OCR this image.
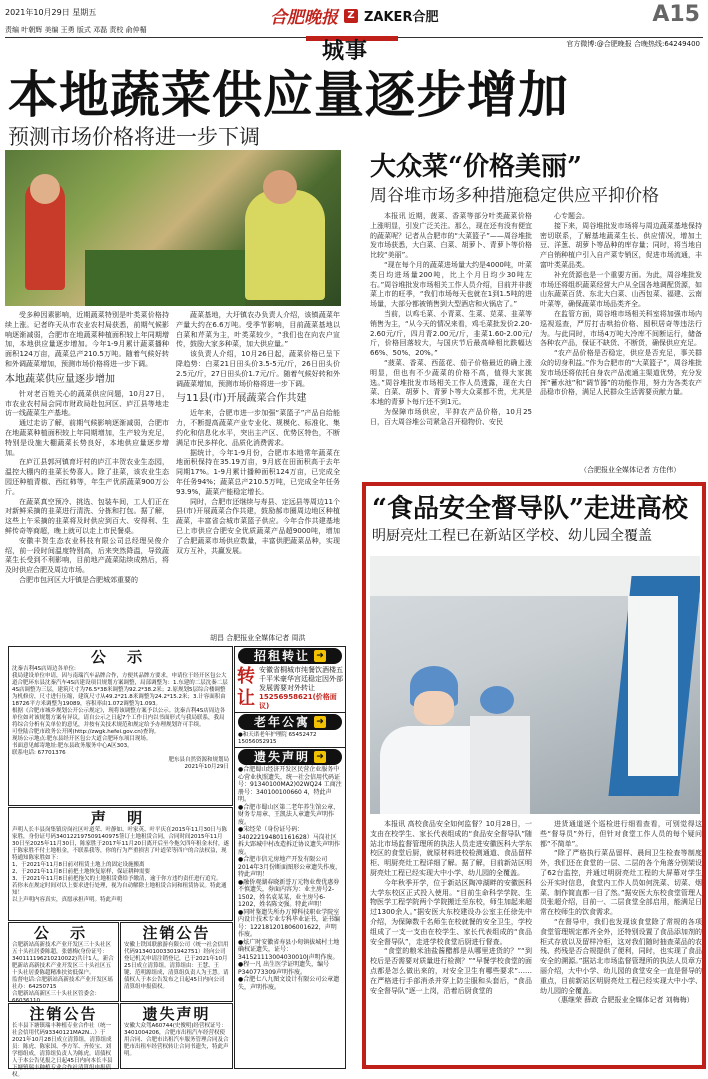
2021年10月29日 星期五
责编 叶朝辉 美编 王勇 版式 邓磊 责校 俞仲楣
合肥晚报 Z ZAKER合肥
城事
A15
官方微博:@合肥晚报 合晚热线:64249400
本地蔬菜供应量逐步增加
预测市场价格将进一步下调

受多种因素影响，近期蔬菜特别是叶类菜价格持续上涨。记者昨天从市农业农村局获悉，前期气候影响逐渐减弱，合肥市在地蔬菜种植面积较上年同期增加，本地供应量逐步增加。今年1-9月累计蔬菜播种面积124万亩，蔬菜总产210.5万吨。随着气候好转和外调蔬菜增加，预测市场价格将进一步下调。

本地蔬菜供应量逐步增加

针对老百姓关心的蔬菜供应问题，10月27日，市农业农村局会同市财政局赴包河区、庐江县等地走访一线蔬菜生产基地。

通过走访了解，前期气候影响逐渐减弱，合肥市在地蔬菜种植面积较上年同期增加，生产较为充足，特别是设施大棚蔬菜长势良好，本地供应量逐步增加。

在庐江县郭河镇育圩村的庐江丰贺农业生态园，温控大棚内的韭菜长势喜人。除了韭菜，该农业生态园还种植青椒、西红柿等，年生产优质蔬菜900万公斤。

在蔬菜真空预冷、挑选、包装车间，工人们正在对新鲜采摘的韭菜进行清洗、分拣和打包。据了解，这些上午采摘的韭菜将及时供应到百大、安得利、生鲜传奇等商超，晚上就可以走上市民餐桌。

安徽丰贺生态农业科技有限公司总经理吴俊介绍，前一段时间温度特别高，后来突然降温，导致蔬菜生长受到不利影响，目前地产蔬菜陆续成熟后，将及时供应合肥及周边市场。

合肥市包河区大圩镇是合肥城郊重要的

蔬菜基地，大圩镇农办负责人介绍，该镇蔬菜年产量大约在6.6万吨。受季节影响，目前蔬菜基地以白菜和芹菜为主，叶类菜较少，“我们也在向农户宣传，鼓励大家多种菜，加大供应量。”

该负责人介绍，10月26日起，蔬菜价格已呈下降趋势：白菜21日田头价3.5-5元/斤，26日田头价2.5元/斤，27日田头价1.7元/斤。随着气候好转和外调蔬菜增加，预测市场价格将进一步下调。

与11县(市)开展蔬菜合作共建

近年来，合肥市进一步加强“菜篮子”产品自给能力，不断提高蔬菜产业专业化、规模化、标准化、集约化和信息化水平，突出主产区、优势区特色，不断满足市民多样化、品质化消费需求。

据统计，今年1-9月份，合肥市本地常年蔬菜在地面积保持在35.19万亩，9月底在田面积高于去年同期17%。1-9月累计播种面积124万亩，已完成全年任务94%；蔬菜总产210.5万吨，已完成全年任务93.9%，蔬菜产能稳定增长。

同时，合肥市还继续与寿县、定远县等周边11个县(市)开展蔬菜合作共建，鼓励郝市圈周边地区种植蔬菜，丰富省会城市菜篮子供应。今年合作共建基地已上市供应合肥安全优质蔬菜产品超9000吨，增加了合肥蔬菜市场供应数量，丰富供肥蔬菜品种，实现双方互补，共赢发展。

胡昌 合肥报业全媒体记者 周洪
大众菜“价格美丽”
周谷堆市场多种措施稳定供应平抑价格

本报讯 近期，菠菜、香菜等部分叶类蔬菜价格上涨明显，引发广泛关注。那么，现在还有没有便宜的蔬菜呢？记者从合肥市的“大菜篮子”——周谷堆批发市场获悉，大白菜、白菜、胡萝卜、青萝卜等价格比较“美丽”。

“现在每个月的蔬菜进场量大约是4000吨，叶菜类日均进场量200吨，比上个月日均少30吨左右。”周谷堆批发市场相关工作人员介绍，目前并非菠菜上市的旺季，“我们市场每天也就在1到1.5吨的进场量，大部分都被销售到大型酒店和火锅店了。”

当前，以鸡毛菜、小青菜、生菜、苋菜、韭菜等销售为主，“从今天的情况来看，鸡毛菜批发价2.20-2.60元/斤，四月青2.00元/斤，韭菜1.60-2.00元/斤，价格回落较大，与国庆节后最高峰相比跌幅达66%、50%、20%。”

“菠菜、香菜、西蓝花、茄子价格最近的确上涨明显，但也有不少蔬菜的价格不高，值得大家挑选。”周谷堆批发市场相关工作人员透露，现在大白菜、白菜、胡萝卜、青萝卜等大众菜都不贵，尤其是本地的青萝卜每斤还不到1元。

为保障市场供应，平抑农产品价格，10月25日，百大周谷堆公司紧急召开稳物价、安民

心专题会。

接下来，周谷堆批发市场将与周边蔬菜基地保持密切联系，了解基地蔬菜生长、供应情况，增加土豆、洋葱、胡萝卜等品种的库存量；同时，将当地自产自销种植户引入自产菜专销区，促进市场流通，丰富叶类菜品类。

补充货源也是一个重要方面。为此，周谷堆批发市场还将组织蔬菜经营大户从全国各地调配货源，如山东蔬菜百货、东北大白菜、山西包菜、福建、云南叶菜等，确保蔬菜市场品类齐全。

在监管方面，周谷堆市场相关科室将加强市场内巡视巡查，严厉打击哄抬价格、囤积居奇等违法行为。与此同时，市场4万吨大冷库不间断运行，储备各种农产品，保证不缺货、不断货，确保供应充足。

“农产品价格是否稳定，供应是否充足，事关群众的切身利益。”作为合肥市的“大菜篮子”，周谷堆批发市场还将依托自身农产品流通主渠道优势，充分发挥“蓄水池”和“调节器”的功能作用，努力为各类农产品稳市价格，满足人民群众生活需要贡献力量。

（合肥报业全媒体记者 方佳伟）
“食品安全督导队”走进高校
明厨亮灶工程已在新站区学校、幼儿园全覆盖

本报讯 高校食品安全如何监督？10月28日，一支由在校学生、家长代表组成的“食品安全督导队”随站北市场监督管理所的执法人员走进安徽医科大学东校区的食堂后厨，就原材料进校检测通道、食品留样柜、明厨亮灶工程详细了解。据了解，目前新站区明厨亮灶工程已经实现大中小学、幼儿园的全覆盖。

今年秋季开学，位于新站区陶冲湖畔的安徽医科大学东校区正式投入使用。“目前生命科学学院、生物医学工程学院两个学院搬迁至东校，师生加起来超过1300余人。”据安医大东校建设办公室主任徐先中介绍，为保障数千名师生在校就餐的安全卫生，学校组成了一支一支由在校学生、家长代表组成的“食品安全督导队”，走进学校食堂后厨进行督查。

“食堂的粮米油盐酱醋都是从哪里进货的？”“到校后是否需要对质量进行检测？”“早餐学校食堂的面点都是怎么做出来的，对安全卫生有哪些要求”……在严格进行手部消杀并穿上防尘服和头套后，“食品安全督导队”逐一上岗，沿着后厨食堂的

进货通道逐个巡检进行细看查看，可别觉得这些“督导员”外行，但针对食堂工作人员的每个疑问都“不简单”。

“除了严格执行菜品留样、晨间卫生检查等制度外，我们还在食堂的一层、二层的各个角落分别架设了62台监控，并通过明厨亮灶工程的大屏幕对学生公开实时信息，食堂内工作人员如何洗菜、切菜、烟菜、制作简直都一目了然。”据安医大东校食堂管理人员张超介绍，目前一、二层食堂全部启用，能满足日常在校师生的饮食需求。

“在督导中，我们也发现该食堂除了常规的各项食堂管理规定都齐全外，还特别设置了食品添加剂的柜式存放以及留样冷柜，这对我们随时抽查菜品的农残、药残是否合规提供了便利，同时，也实现了食品安全的溯源。”据站北市场监督管理所的执法人员章方丽介绍，大中小学、幼儿园的食堂安全一直是督导的重点，目前新站区明厨亮灶工程已经实现大中小学、幼儿园的全覆盖。

（惠继荣 薛政 合肥报业全媒体记者 刘梅梅）

公 示
沈秦吉利4S店周边各单位:
我局建设单位申请，因与南瑞汽车品牌合作，方便其品牌方要求，申请位于经开区包公大道合肥环东县沈秦汽车4S店建设项目规划方案调整，局部调整为：1.东建的二层沈秦二层4S店调整为三层，建筑尺寸为76.5*38米调整为92.2*38.2米；2.原规划5层综合楼调整为机修房，尺寸进行压缩，建筑尺寸从49.2*21.8米调整为24.2*15.2米；3.计容面积由18726平方米调整为19089，容积率由1.072调整为1.093。
根据《合肥市城乡规划公开公示规定》，现将该调整方案予以公示。沈秦吉利4S店周边各单位如对该规划方案有异议，请自公示之日起7个工作日内以书面形式与我局联系，我局将综合分析有关单位的意见，并按有关技术规范和规定给予办理规划许可手续。
可登陆合肥市政务公开网(http://zwgk.hefei.gov.cn)查询。
现场公示地点:肥东县经开区包公大道合肥环东项目现场。
书面意见邮寄地址:肥东县政务服务中心A区303。
联系电话: 67701376
肥东县自然资源和规划局
2021年10月29日
声 明
声明人长丰县岗集镇房岗社区叶道荣、叶静如、叶家英、叶平庆在2015年11月30日与陈家胜，身份证号码340122197509140975签订土地租赁合同，合同时间2015年11月30日至2025年11月30日，陈家胜于2017年11月20日离开后至今拖欠四年租金未付，遂于陈家胜不付土地租金，不联系我等，你的行为严重损害了叶道荣等四户的合法权益，现特通知陈家胜如下：
1、于2021年11月8日前对租赁土地上的固定设施搬离
2、于2021年11月8日前把土地恢复原样，保证耕种需要
3、于2021年11月8日前把拖欠的土地租赁费给予缴清，逾于你方违约责任进行追究。
若你未在规定时间对以上要求进行处理，视为自动解除土地租赁合同和租赁协议。特此通知！
以上声明内容真实，真愿承担声明。特此声明
公 示
合肥新站高新技术产业开发区三十头社区五十头社居委陈超，张德梅(身份证号：340111196210210022)共计1人，新合肥新站高新技术产业开发区三十头社区五十头社居委陈超精准扶贫低保户。
监督电话:合肥新站高新技术产业开发区瑶社办：64250715
合肥新站高新区三十头社区管委会：66036110
注销公告
安徽上铁国联旅游有限公司（统一社会信用代码913401003301942751）经向公司登记机关申请注销登记，已于2021年10月25日成立清算组。清算组由：王慧、王键、范明源组成，清算组负责人为王慧。请债权人于本公告发布之日起45日内向公司清算组申报债权。
注销公告
长丰县下塘镇瑞丰种植专业合作社（统一社会信用代码93340121MA2N...）于2021年10月28日成立清算组，清算组成员：陈虎、陈家国、李方军、齐传宝、刘学德组成，清算组负责人为陈虎。请债权人于本公告见报之日起45日内向本长丰县下塘镇瑞丰种植专业合作社清算组申报债权。
遗失声明
安徽大众驾A60744(史俊明)经营权证号：3401004206，合肥市出租汽车经营权使用合同、合肥市出租汽车服务管理合同及合肥市出租车经营权转让合同书遗失，特此声明。
招租转让 ➜
转让
安徽省桐城市纯餐饮酒楼五千平米豪华宫廷稳定因外部发展需要对外转让
15256958621(价格面议)
老年公寓 ➜
●和天诺老年护理院 65452472 15056052915
遗失声明 ➜
●合肥蜀山经济开发区民营企业服务中心营业执照遗失，统一社会信用代码证号：91340100MA2)02WQ24 工商注册号：340100100660 4，特此声明。
●合肥市蜀山区第二老年养生馆公章、财务专用章、王凯法人章遗失声明作废。
●宋经荣（身份证号码：340222194801161628）马岗社区拆大郢城中村改造拆迁协议遗失声明作废。
●合肥市信元房地产开发有限公司2014年3月份断面图形公章遗失作废，特此声明！
●融侨观湖春晓新誉万元物业费优惠券不慎遗失，券面内容为：业主房号2-1502，姓名袁某某，业主房号6-1202，姓名陈文强。特此声明！
●同时鉴遗失所办万博科技职业学院室内设计技术专业专科毕业证书，证书编号：122181201806001622，声明作废。
●炫广时安徽省寿县小甸镇拔城村土地确权证遗失，证号：341521113004030010J声明作废。
●程一凡 出生医学证明遗失，编号P340773309声明作废。
●合肥七八九图文设计有限公司公章遗失，声明作废。
